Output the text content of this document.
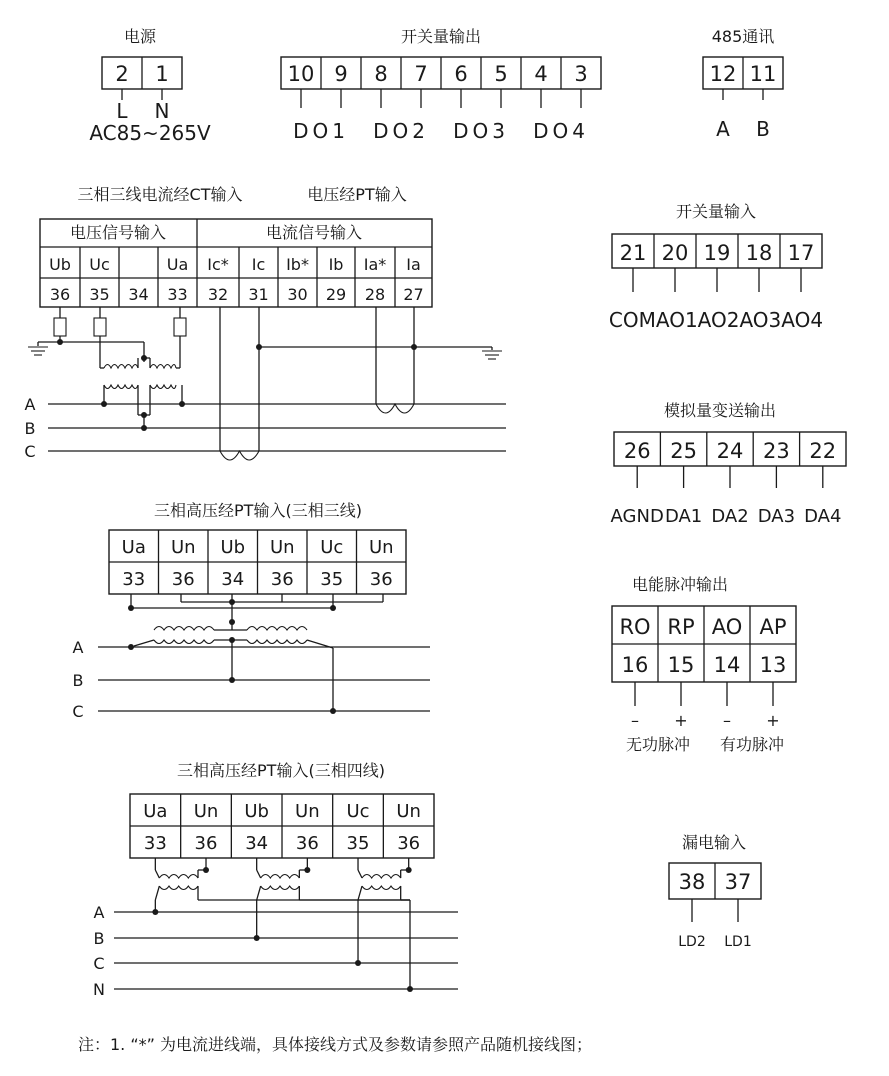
电源
2 1
L N
AC85~265V
开关量输出
10 9 8 7 6 5 4 3
DO1 DO2 DO3 DO4
485通讯
12 11
A B
三相三线电流经CT输入	电压经PT输入
电压信号输入	电流信号输入
Ub
36
Uc
35 34
Ua
33
Ic*
32
Ic
31
Ib*
30
Ib
29
Ia*
28
Ia
27
A
B
C
开关量输入
21 20 19 18 17
COMAO1AO2AO3AO4
模拟量变送输出
26
AGND
25
DA1
24
DA2
23
DA3
22
DA4
三相高压经PT输入(三相三线)
Ua
33
Un
36
Ub
34
Un
36
Uc
35
Un
36
A
B
C
电能脉冲输出
RO
16
–
RP
15
+
AO
14
–
AP
13
+
无功脉冲 有功脉冲
三相高压经PT输入(三相四线)
Ua
33
Un
36
Ub
34
Un
36
Uc
35
Un
36
A
B
C
N
漏电输入
38 37
LD2 LD1
注：1. “*” 为电流进线端，具体接线方式及参数请参照产品随机接线图；
